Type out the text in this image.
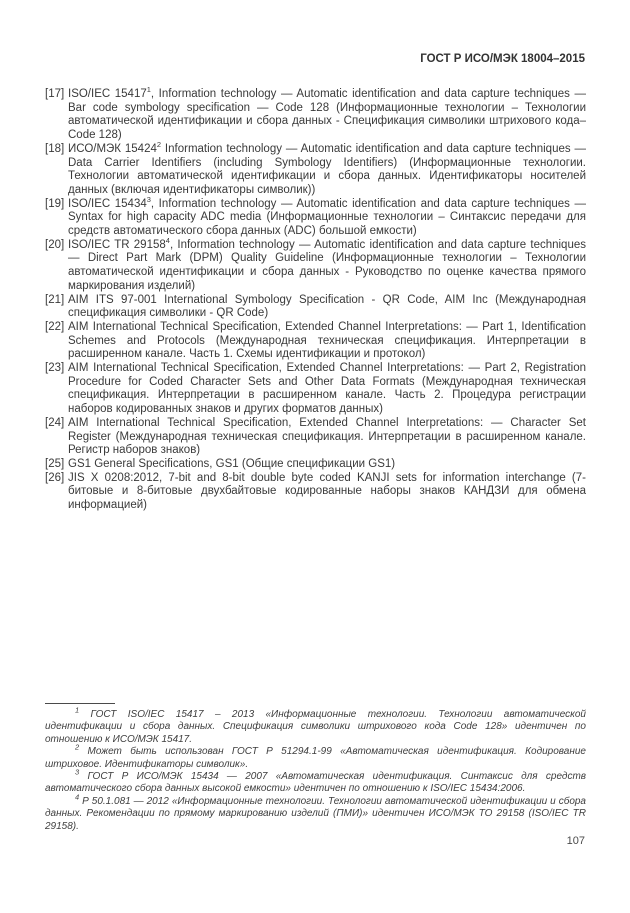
ГОСТ Р ИСО/МЭК 18004–2015
[17] ISO/IEC 15417$^1$, Information technology — Automatic identification and data capture techniques — Bar code symbology specification — Code 128 (Информационные технологии – Технологии автоматической идентификации и сбора данных - Спецификация символики штрихового кода– Code 128)
[18] ИСО/МЭК 15424$^2$ Information technology — Automatic identification and data capture techniques — Data Carrier Identifiers (including Symbology Identifiers) (Информационные технологии. Технологии автоматической идентификации и сбора данных. Идентификаторы носителей данных (включая идентификаторы символик))
[19] ISO/IEC 15434$^3$, Information technology — Automatic identification and data capture techniques — Syntax for high capacity ADC media (Информационные технологии – Синтаксис передачи для средств автоматического сбора данных (ADC) большой емкости)
[20] ISO/IEC TR 29158$^4$, Information technology — Automatic identification and data capture techniques — Direct Part Mark (DPM) Quality Guideline (Информационные технологии – Технологии автоматической идентификации и сбора данных - Руководство по оценке качества прямого маркирования изделий)
[21] AIM ITS 97-001 International Symbology Specification - QR Code, AIM Inc (Международная спецификация символики - QR Code)
[22] AIM International Technical Specification, Extended Channel Interpretations: — Part 1, Identification Schemes and Protocols (Международная техническая спецификация. Интерпретации в расширенном канале. Часть 1. Схемы идентификации и протокол)
[23] AIM International Technical Specification, Extended Channel Interpretations: — Part 2, Registration Procedure for Coded Character Sets and Other Data Formats (Международная техническая спецификация. Интерпретации в расширенном канале. Часть 2. Процедура регистрации наборов кодированных знаков и других форматов данных)
[24] AIM International Technical Specification, Extended Channel Interpretations: — Character Set Register (Международная техническая спецификация. Интерпретации в расширенном канале. Регистр наборов знаков)
[25] GS1 General Specifications, GS1 (Общие спецификации GS1)
[26] JIS X 0208:2012, 7-bit and 8-bit double byte coded KANJI sets for information interchange (7-битовые и 8-битовые двухбайтовые кодированные наборы знаков КАНДЗИ для обмена информацией)
$^1$ ГОСТ ISO/IEC 15417 – 2013 «Информационные технологии. Технологии автоматической идентификации и сбора данных. Спецификация символики штрихового кода Code 128» идентичен по отношению к ИСО/МЭК 15417.
$^2$ Может быть использован ГОСТ Р 51294.1-99 «Автоматическая идентификация. Кодирование штриховое. Идентификаторы символик».
$^3$ ГОСТ Р ИСО/МЭК 15434 — 2007 «Автоматическая идентификация. Синтаксис для средств автоматического сбора данных высокой емкости» идентичен по отношению к ISO/IEC 15434:2006.
$^4$ Р 50.1.081 — 2012 «Информационные технологии. Технологии автоматической идентификации и сбора данных. Рекомендации по прямому маркированию изделий (ПМИ)» идентичен ИСО/МЭК ТО 29158 (ISO/IEC TR 29158).
107
